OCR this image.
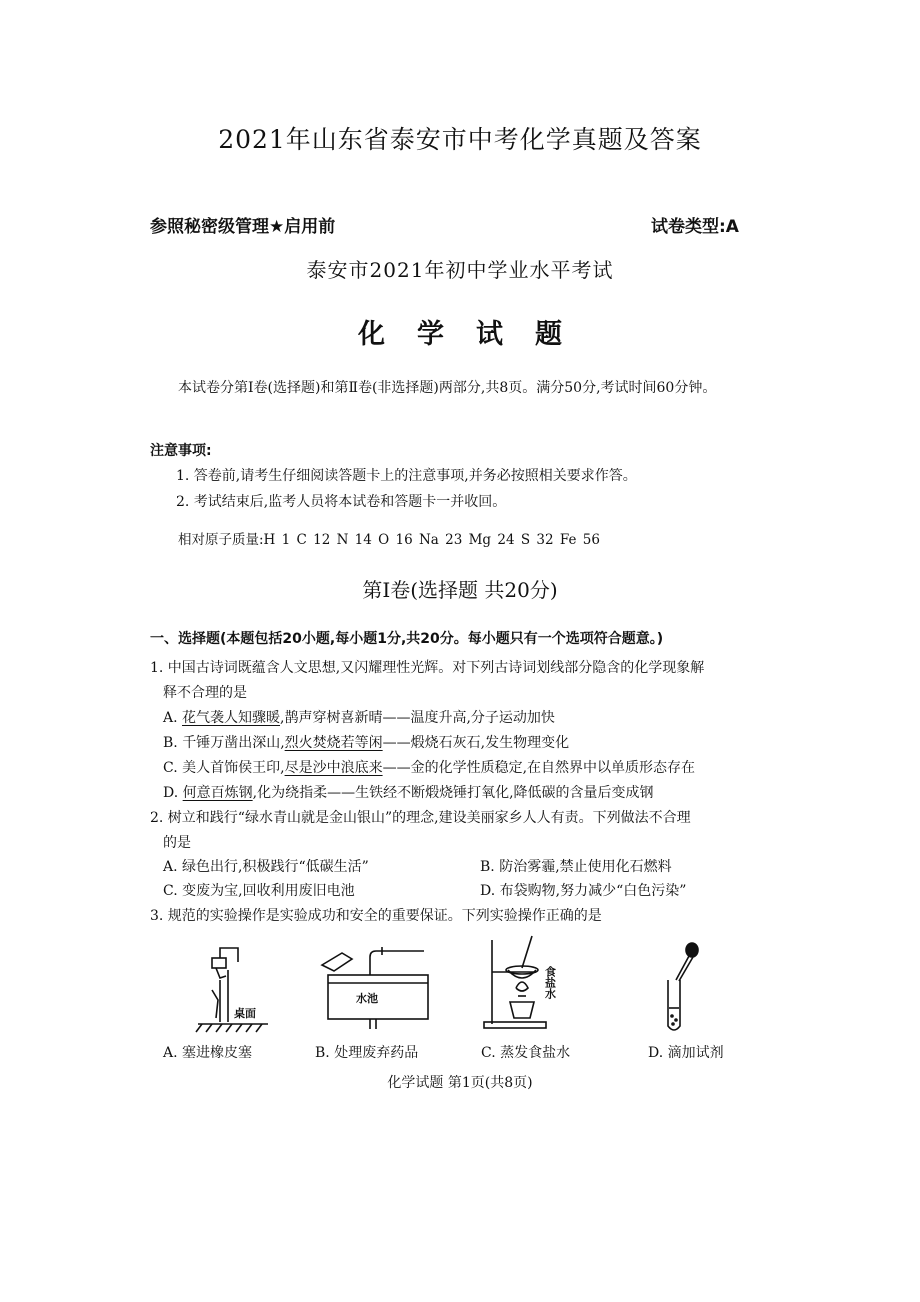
2021年山东省泰安市中考化学真题及答案
参照秘密级管理★启用前	试卷类型:A
泰安市2021年初中学业水平考试
化学试题
本试卷分第Ⅰ卷(选择题)和第Ⅱ卷(非选择题)两部分,共8页。满分50分,考试时间60分钟。
注意事项:
1. 答卷前,请考生仔细阅读答题卡上的注意事项,并务必按照相关要求作答。
2. 考试结束后,监考人员将本试卷和答题卡一并收回。
相对原子质量:H 1 C 12 N 14 O 16 Na 23 Mg 24 S 32 Fe 56
第Ⅰ卷(选择题 共20分)
一、选择题(本题包括20小题,每小题1分,共20分。每小题只有一个选项符合题意。)
1. 中国古诗词既蕴含人文思想,又闪耀理性光辉。对下列古诗词划线部分隐含的化学现象解
释不合理的是
A. 花气袭人知骤暖,鹊声穿树喜新晴——温度升高,分子运动加快
B. 千锤万凿出深山,烈火焚烧若等闲——煅烧石灰石,发生物理变化
C. 美人首饰侯王印,尽是沙中浪底来——金的化学性质稳定,在自然界中以单质形态存在
D. 何意百炼钢,化为绕指柔——生铁经不断煅烧锤打氧化,降低碳的含量后变成钢
2. 树立和践行“绿水青山就是金山银山”的理念,建设美丽家乡人人有责。下列做法不合理
的是
A. 绿色出行,积极践行“低碳生活”	B. 防治雾霾,禁止使用化石燃料
C. 变废为宝,回收利用废旧电池	D. 布袋购物,努力减少“白色污染”
3. 规范的实验操作是实验成功和安全的重要保证。下列实验操作正确的是
桌面
水池	食盐水
A. 塞进橡皮塞	B. 处理废弃药品	C. 蒸发食盐水	D. 滴加试剂
化学试题 第1页(共8页)
